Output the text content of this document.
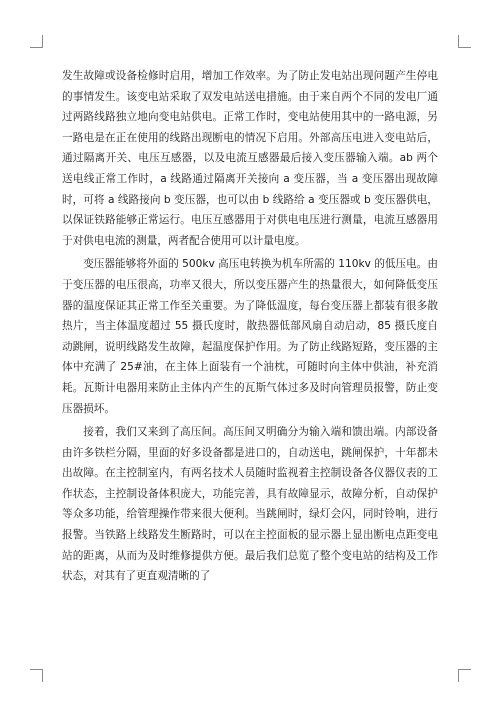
发生故障或设备检修时启用，增加工作效率。为了防止发电站出现问题产生停电的事情发生。该变电站采取了双发电站送电措施。由于来自两个不同的发电厂通过两路线路独立地向变电站供电。正常工作时，变电站使用其中的一路电源，另一路电是在正在使用的线路出现断电的情况下启用。外部高压电进入变电站后，通过隔离开关、电压互感器，以及电流互感器最后接入变压器输入端。ab 两个送电线正常工作时，a 线路通过隔离开关接向 a 变压器，当 a 变压器出现故障时，可将 a 线路接向 b 变压器，也可以由 b 线路给 a 变压器或 b 变压器供电，以保证铁路能够正常运行。电压互感器用于对供电电压进行测量，电流互感器用于对供电电流的测量，两者配合使用可以计量电度。

变压器能够将外面的 500kv 高压电转换为机车所需的 110kv 的低压电。由于变压器的电压很高，功率又很大，所以变压器产生的热量很大，如何降低变压器的温度保证其正常工作至关重要。为了降低温度，每台变压器上都装有很多散热片，当主体温度超过 55 摄氏度时，散热器低部风扇自动启动，85 摄氏度自动跳闸，说明线路发生故障，起温度保护作用。为了防止线路短路，变压器的主体中充满了 25#油，在主体上面装有一个油枕，可随时向主体中供油，补充消耗。瓦斯计电器用来防止主体内产生的瓦斯气体过多及时向管理员报警，防止变压器损坏。

接着，我们又来到了高压间。高压间又明确分为输入端和馈出端。内部设备由许多铁栏分隔，里面的好多设备都是进口的，自动送电，跳闸保护，十年都未出故障。在主控制室内，有两名技术人员随时监视着主控制设备各仪器仪表的工作状态，主控制设备体积庞大，功能完善，具有故障显示，故障分析，自动保护等众多功能，给管理操作带来很大便利。当跳闸时，绿灯会闪，同时铃响，进行报警。当铁路上线路发生断路时，可以在主控面板的显示器上显出断电点距变电站的距离，从而为及时维修提供方便。最后我们总览了整个变电站的结构及工作状态，对其有了更直观清晰的了
